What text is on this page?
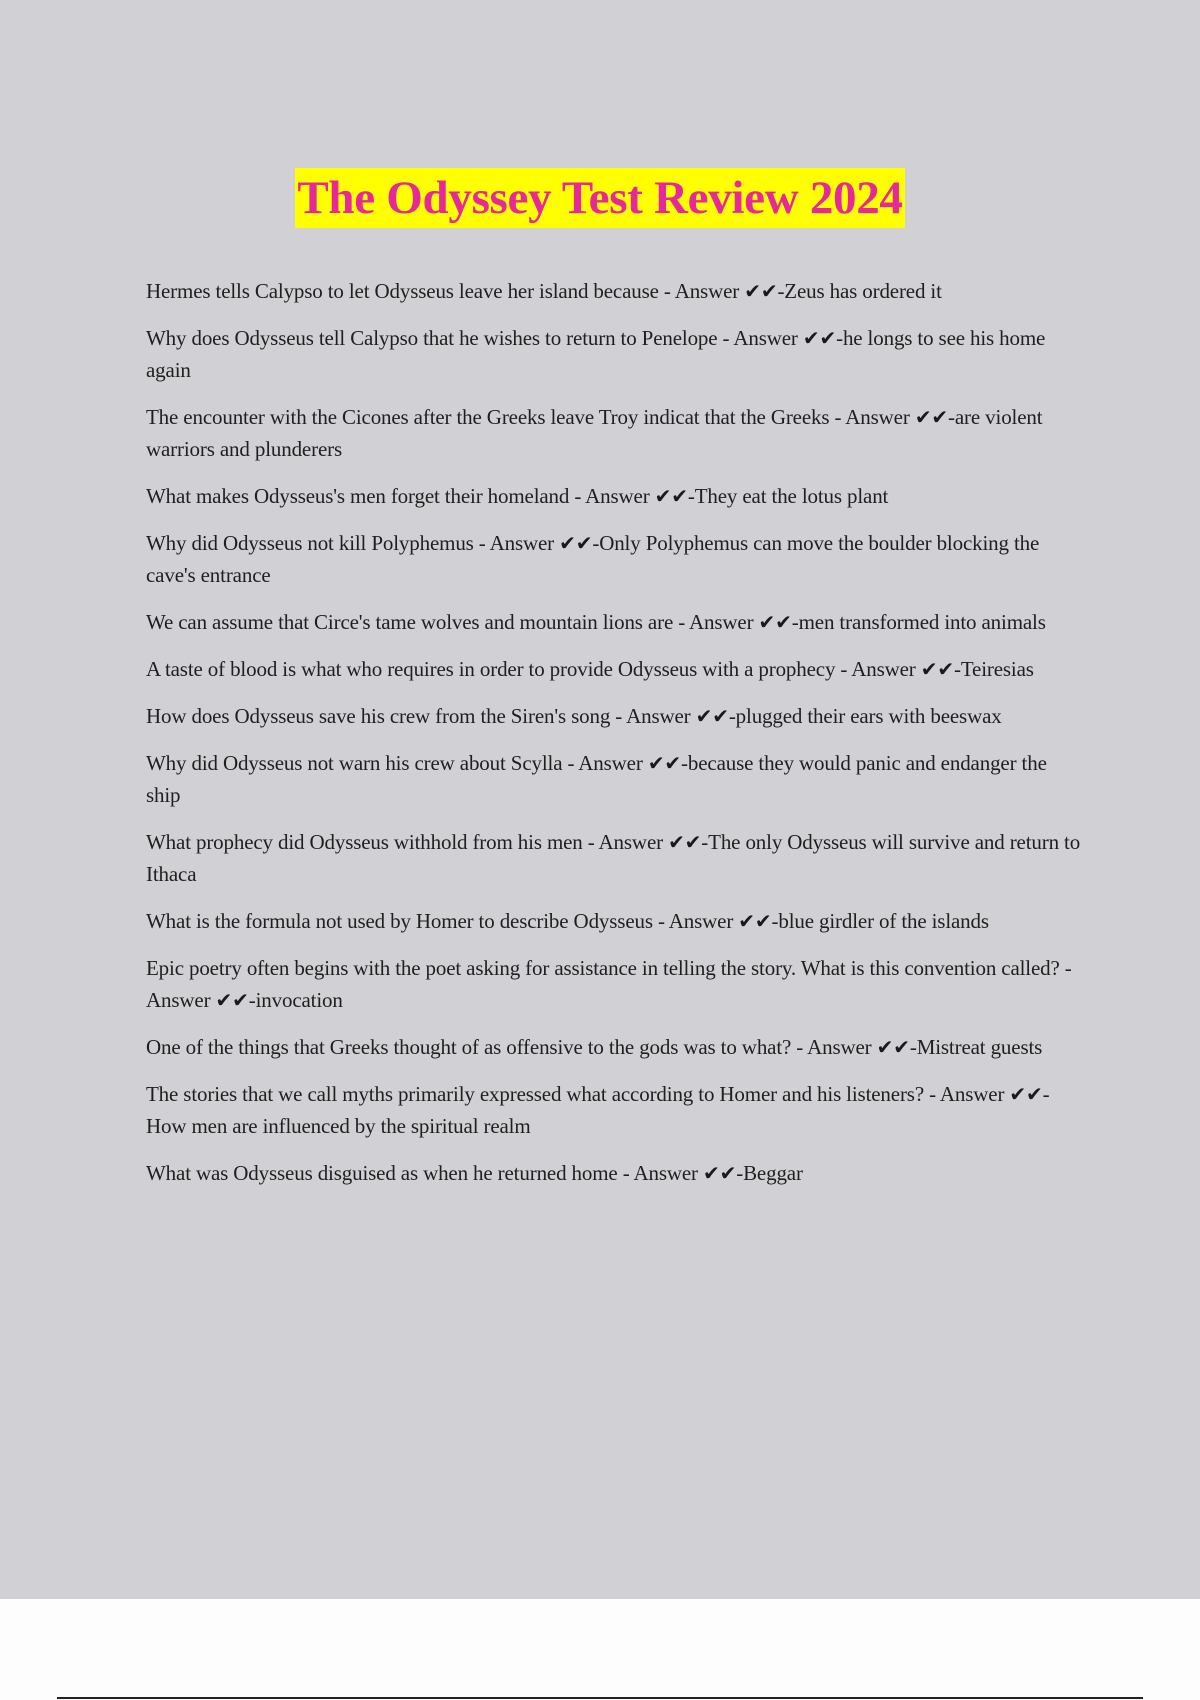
The Odyssey Test Review 2024
Hermes tells Calypso to let Odysseus leave her island because - Answer ✔✔-Zeus has ordered it
Why does Odysseus tell Calypso that he wishes to return to Penelope - Answer ✔✔-he longs to see his home again
The encounter with the Cicones after the Greeks leave Troy indicat that the Greeks - Answer ✔✔-are violent warriors and plunderers
What makes Odysseus's men forget their homeland - Answer ✔✔-They eat the lotus plant
Why did Odysseus not kill Polyphemus - Answer ✔✔-Only Polyphemus can move the boulder blocking the cave's entrance
We can assume that Circe's tame wolves and mountain lions are - Answer ✔✔-men transformed into animals
A taste of blood is what who requires in order to provide Odysseus with a prophecy - Answer ✔✔-Teiresias
How does Odysseus save his crew from the Siren's song - Answer ✔✔-plugged their ears with beeswax
Why did Odysseus not warn his crew about Scylla - Answer ✔✔-because they would panic and endanger the ship
What prophecy did Odysseus withhold from his men - Answer ✔✔-The only Odysseus will survive and return to Ithaca
What is the formula not used by Homer to describe Odysseus - Answer ✔✔-blue girdler of the islands
Epic poetry often begins with the poet asking for assistance in telling the story. What is this convention called? - Answer ✔✔-invocation
One of the things that Greeks thought of as offensive to the gods was to what? - Answer ✔✔-Mistreat guests
The stories that we call myths primarily expressed what according to Homer and his listeners? - Answer ✔✔-How men are influenced by the spiritual realm
What was Odysseus disguised as when he returned home - Answer ✔✔-Beggar
